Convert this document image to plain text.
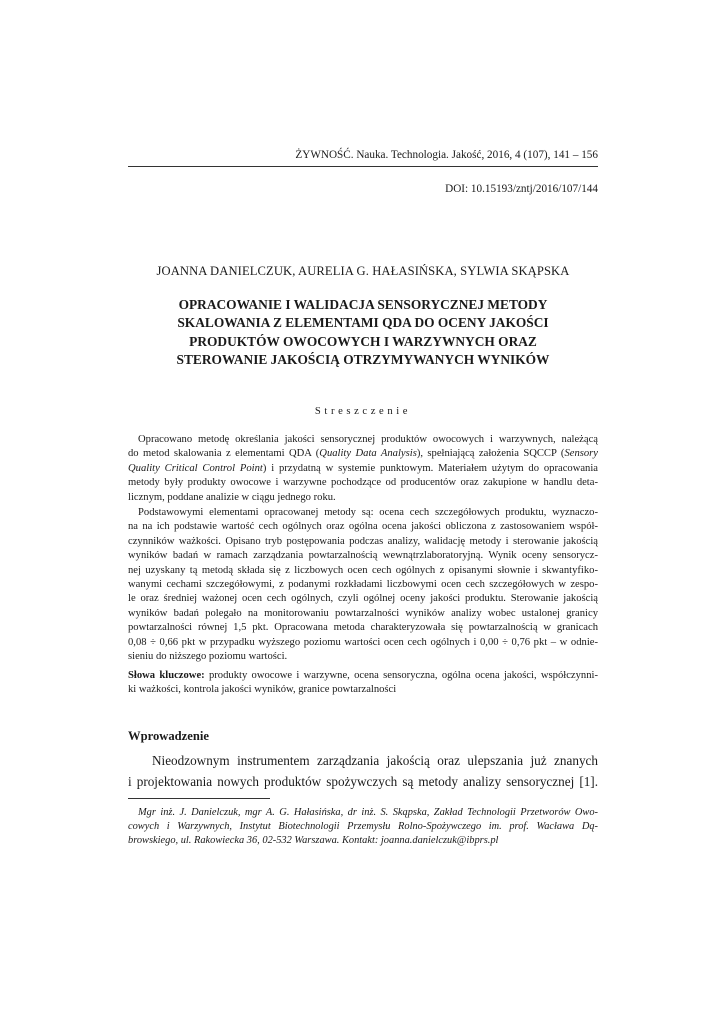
ŻYWNOŚĆ. Nauka. Technologia. Jakość, 2016, 4 (107), 141 – 156
DOI: 10.15193/zntj/2016/107/144
JOANNA DANIELCZUK, AURELIA G. HAŁASIŃSKA, SYLWIA SKĄPSKA
OPRACOWANIE I WALIDACJA SENSORYCZNEJ METODY
SKALOWANIA Z ELEMENTAMI QDA DO OCENY JAKOŚCI
PRODUKTÓW OWOCOWYCH I WARZYWNYCH ORAZ
STEROWANIE JAKOŚCIĄ OTRZYMYWANYCH WYNIKÓW
Streszczenie
Opracowano metodę określania jakości sensorycznej produktów owocowych i warzywnych, należącą
do metod skalowania z elementami QDA (Quality Data Analysis), spełniającą założenia SQCCP (Sensory
Quality Critical Control Point) i przydatną w systemie punktowym. Materiałem użytym do opracowania
metody były produkty owocowe i warzywne pochodzące od producentów oraz zakupione w handlu deta-
licznym, poddane analizie w ciągu jednego roku.
Podstawowymi elementami opracowanej metody są: ocena cech szczegółowych produktu, wyznaczo-
na na ich podstawie wartość cech ogólnych oraz ogólna ocena jakości obliczona z zastosowaniem współ-
czynników ważkości. Opisano tryb postępowania podczas analizy, walidację metody i sterowanie jakością
wyników badań w ramach zarządzania powtarzalnością wewnątrzlaboratoryjną. Wynik oceny sensorycz-
nej uzyskany tą metodą składa się z liczbowych ocen cech ogólnych z opisanymi słownie i skwantyfiko-
wanymi cechami szczegółowymi, z podanymi rozkładami liczbowymi ocen cech szczegółowych w zespo-
le oraz średniej ważonej ocen cech ogólnych, czyli ogólnej oceny jakości produktu. Sterowanie jakością
wyników badań polegało na monitorowaniu powtarzalności wyników analizy wobec ustalonej granicy
powtarzalności równej 1,5 pkt. Opracowana metoda charakteryzowała się powtarzalnością w granicach
0,08 ÷ 0,66 pkt w przypadku wyższego poziomu wartości ocen cech ogólnych i 0,00 ÷ 0,76 pkt – w odnie-
sieniu do niższego poziomu wartości.
Słowa kluczowe: produkty owocowe i warzywne, ocena sensoryczna, ogólna ocena jakości, współczynni-
ki ważkości, kontrola jakości wyników, granice powtarzalności
Wprowadzenie
Nieodzownym instrumentem zarządzania jakością oraz ulepszania już znanych
i projektowania nowych produktów spożywczych są metody analizy sensorycznej [1].
Mgr inż. J. Danielczuk, mgr A. G. Hałasińska, dr inż. S. Skąpska, Zakład Technologii Przetworów Owo-
cowych i Warzywnych, Instytut Biotechnologii Przemysłu Rolno-Spożywczego im. prof. Wacława Dą-
browskiego, ul. Rakowiecka 36, 02-532 Warszawa. Kontakt: joanna.danielczuk@ibprs.pl
